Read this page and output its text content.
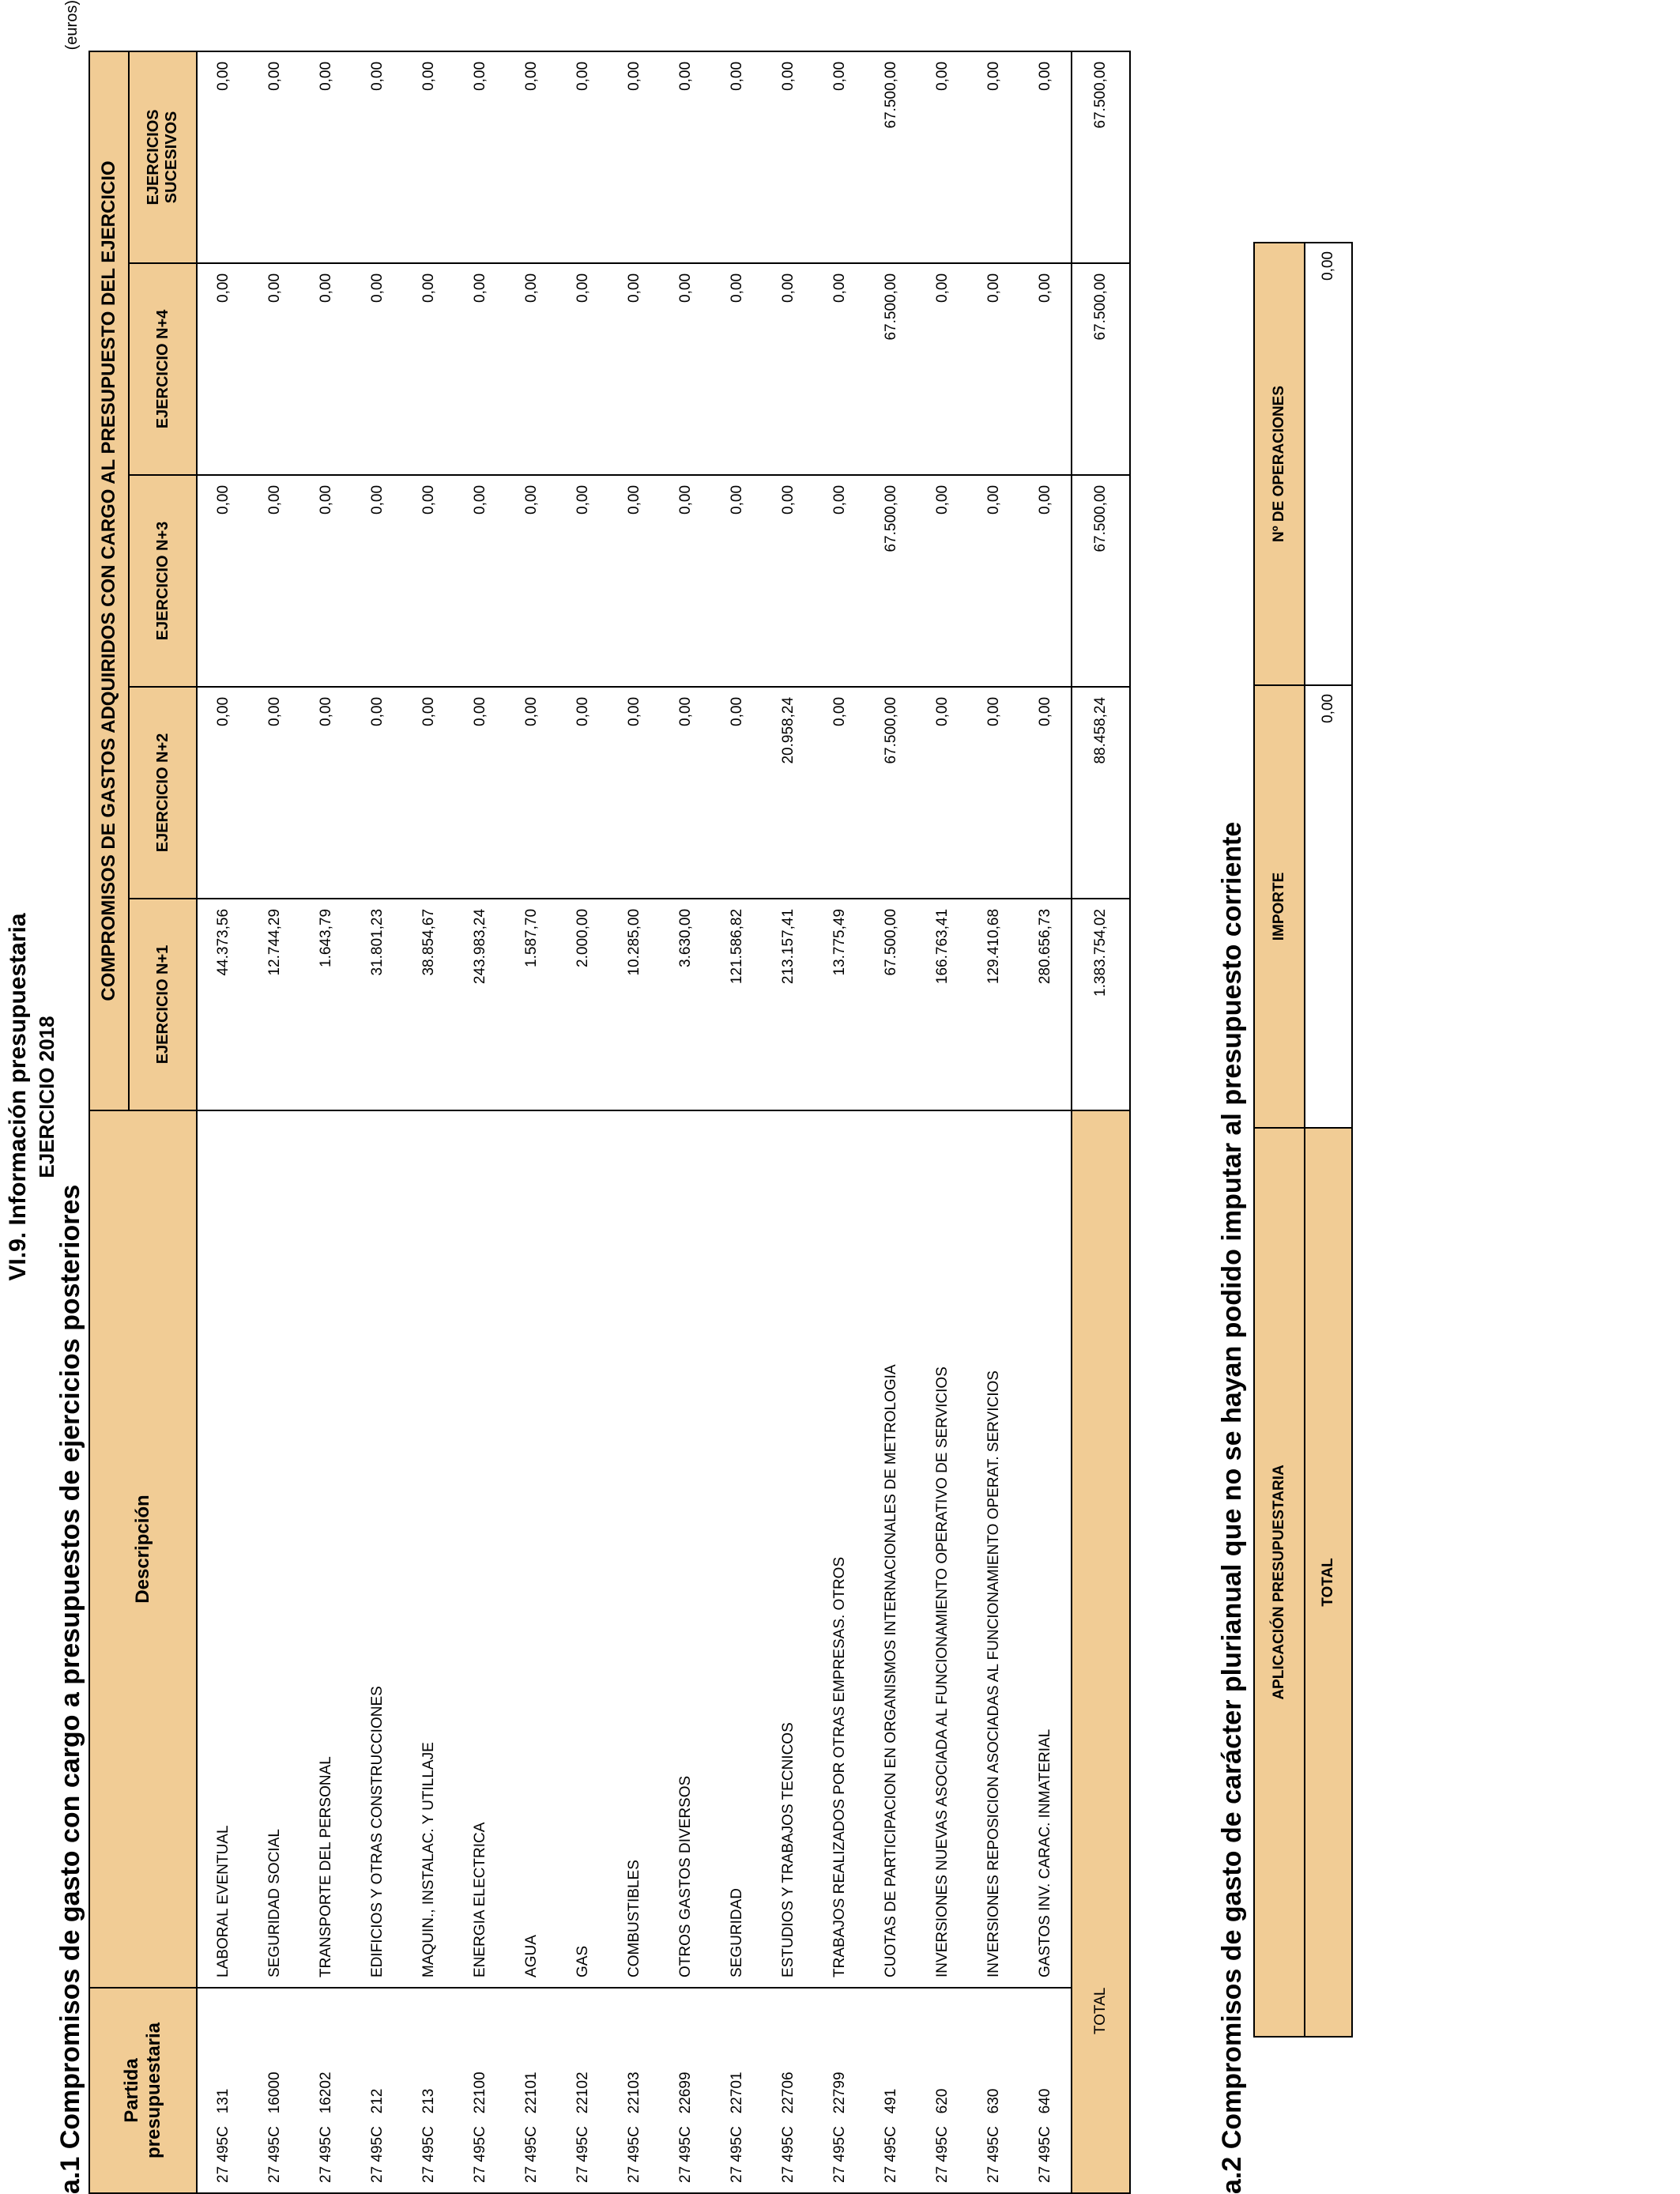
VI.9. Información presupuestaria EJERCICIO 2018
a.1 Compromisos de gasto con cargo a presupuestos de ejercicios posteriores
(euros)
Partida presupuestaria	Descripción	COMPROMISOS DE GASTOS ADQUIRIDOS CON CARGO AL PRESUPUESTO DEL EJERCICIO				
		EJERCICIO N+1	EJERCICIO N+2	EJERCICIO N+3	EJERCICIO N+4	EJERCICIOS SUCESIVOS
27 495C   131	LABORAL EVENTUAL	44.373,56	0,00	0,00	0,00	0,00
27 495C   16000	SEGURIDAD SOCIAL	12.744,29	0,00	0,00	0,00	0,00
27 495C   16202	TRANSPORTE DEL PERSONAL	1.643,79	0,00	0,00	0,00	0,00
27 495C   212	EDIFICIOS Y OTRAS CONSTRUCCIONES	31.801,23	0,00	0,00	0,00	0,00
27 495C   213	MAQUIN., INSTALAC. Y UTILLAJE	38.854,67	0,00	0,00	0,00	0,00
27 495C   22100	ENERGIA ELECTRICA	243.983,24	0,00	0,00	0,00	0,00
27 495C   22101	AGUA	1.587,70	0,00	0,00	0,00	0,00
27 495C   22102	GAS	2.000,00	0,00	0,00	0,00	0,00
27 495C   22103	COMBUSTIBLES	10.285,00	0,00	0,00	0,00	0,00
27 495C   22699	OTROS GASTOS DIVERSOS	3.630,00	0,00	0,00	0,00	0,00
27 495C   22701	SEGURIDAD	121.586,82	0,00	0,00	0,00	0,00
27 495C   22706	ESTUDIOS Y TRABAJOS TECNICOS	213.157,41	20.958,24	0,00	0,00	0,00
27 495C   22799	TRABAJOS REALIZADOS POR OTRAS EMPRESAS. OTROS	13.775,49	0,00	0,00	0,00	0,00
27 495C   491	CUOTAS DE PARTICIPACION EN ORGANISMOS INTERNACIONALES DE METROLOGIA	67.500,00	67.500,00	67.500,00	67.500,00	67.500,00
27 495C   620	INVERSIONES NUEVAS ASOCIADA AL FUNCIONAMIENTO OPERATIVO DE SERVICIOS	166.763,41	0,00	0,00	0,00	0,00
27 495C   630	INVERSIONES REPOSICION ASOCIADAS AL FUNCIONAMIENTO OPERAT. SERVICIOS	129.410,68	0,00	0,00	0,00	0,00
27 495C   640	GASTOS INV. CARAC. INMATERIAL	280.656,73	0,00	0,00	0,00	0,00
TOTAL		1.383.754,02	88.458,24	67.500,00	67.500,00	67.500,00
a.2 Compromisos de gasto de carácter plurianual que no se hayan podido imputar al presupuesto corriente APLICACIÓN PRESUPUESTARIA	IMPORTE	Nº DE OPERACIONES
TOTAL	0,00	0,00
